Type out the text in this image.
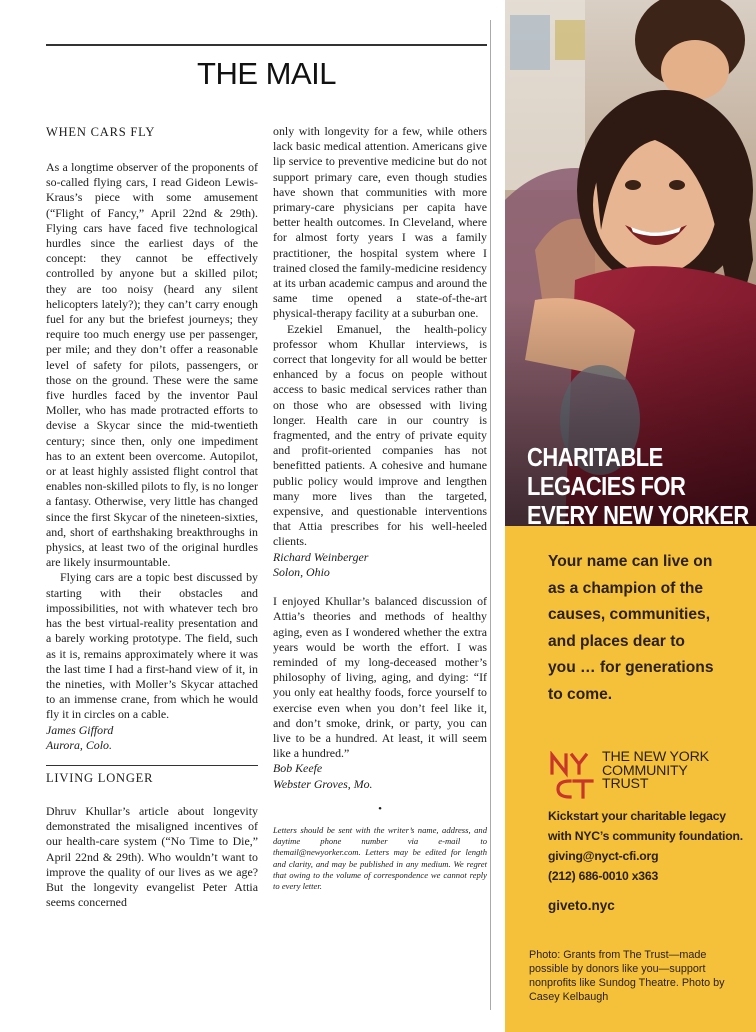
THE MAIL
WHEN CARS FLY

As a longtime observer of the proponents of so-called flying cars, I read Gideon Lewis-Kraus’s piece with some amusement (“Flight of Fancy,” April 22nd & 29th). Flying cars have faced five technological hurdles since the earliest days of the concept: they cannot be effectively controlled by anyone but a skilled pilot; they are too noisy (heard any silent helicopters lately?); they can’t carry enough fuel for any but the briefest journeys; they require too much energy use per passenger, per mile; and they don’t offer a reasonable level of safety for pilots, passengers, or those on the ground. These were the same five hurdles faced by the inventor Paul Moller, who has made protracted efforts to devise a Skycar since the mid-twentieth century; since then, only one impediment has to an extent been overcome. Autopilot, or at least highly assisted flight control that enables non-skilled pilots to fly, is no longer a fantasy. Otherwise, very little has changed since the first Skycar of the nineteen-sixties, and, short of earthshaking breakthroughs in physics, at least two of the original hurdles are likely insurmountable.

Flying cars are a topic best discussed by starting with their obstacles and impossibilities, not with whatever tech bro has the best virtual-reality presentation and a barely working prototype. The field, such as it is, remains approximately where it was the last time I had a first-hand view of it, in the nineties, with Moller’s Skycar attached to an immense crane, from which he would fly it in circles on a cable.

James Gifford

Aurora, Colo.

LIVING LONGER

Dhruv Khullar’s article about longevity demonstrated the misaligned incentives of our health-care system (“No Time to Die,” April 22nd & 29th). Who wouldn’t want to improve the quality of our lives as we age? But the longevity evangelist Peter Attia seems concerned

only with longevity for a few, while others lack basic medical attention. Americans give lip service to preventive medicine but do not support primary care, even though studies have shown that communities with more primary-care physicians per capita have better health outcomes. In Cleveland, where for almost forty years I was a family practitioner, the hospital system where I trained closed the family-medicine residency at its urban academic campus and around the same time opened a state-of-the-art physical-therapy facility at a suburban one.

Ezekiel Emanuel, the health-policy professor whom Khullar interviews, is correct that longevity for all would be better enhanced by a focus on people without access to basic medical services rather than on those who are obsessed with living longer. Health care in our country is fragmented, and the entry of private equity and profit-oriented companies has not benefitted patients. A cohesive and humane public policy would improve and lengthen many more lives than the targeted, expensive, and questionable interventions that Attia prescribes for his well-heeled clients.

Richard Weinberger

Solon, Ohio

I enjoyed Khullar’s balanced discussion of Attia’s theories and methods of healthy aging, even as I wondered whether the extra years would be worth the effort. I was reminded of my long-deceased mother’s philosophy of living, aging, and dying: “If you only eat healthy foods, force yourself to exercise even when you don’t feel like it, and don’t smoke, drink, or party, you can live to be a hundred. At least, it will seem like a hundred.”

Bob Keefe

Webster Groves, Mo.

•

Letters should be sent with the writer’s name, address, and daytime phone number via e-mail to themail@newyorker.com. Letters may be edited for length and clarity, and may be published in any medium. We regret that owing to the volume of correspondence we cannot reply to every letter.

CHARITABLE
LEGACIES FOR
EVERY NEW YORKER
Your name can live on
as a champion of the
causes, communities,
and places dear to
you … for generations
to come.
THE NEW YORK
COMMUNITY
TRUST
Kickstart your charitable legacy
with NYC’s community foundation.
giving@nyct-cfi.org
(212) 686-0010 x363
giveto.nyc
Photo: Grants from The Trust—made possible by donors like you—support nonprofits like Sundog Theatre. Photo by Casey Kelbaugh
